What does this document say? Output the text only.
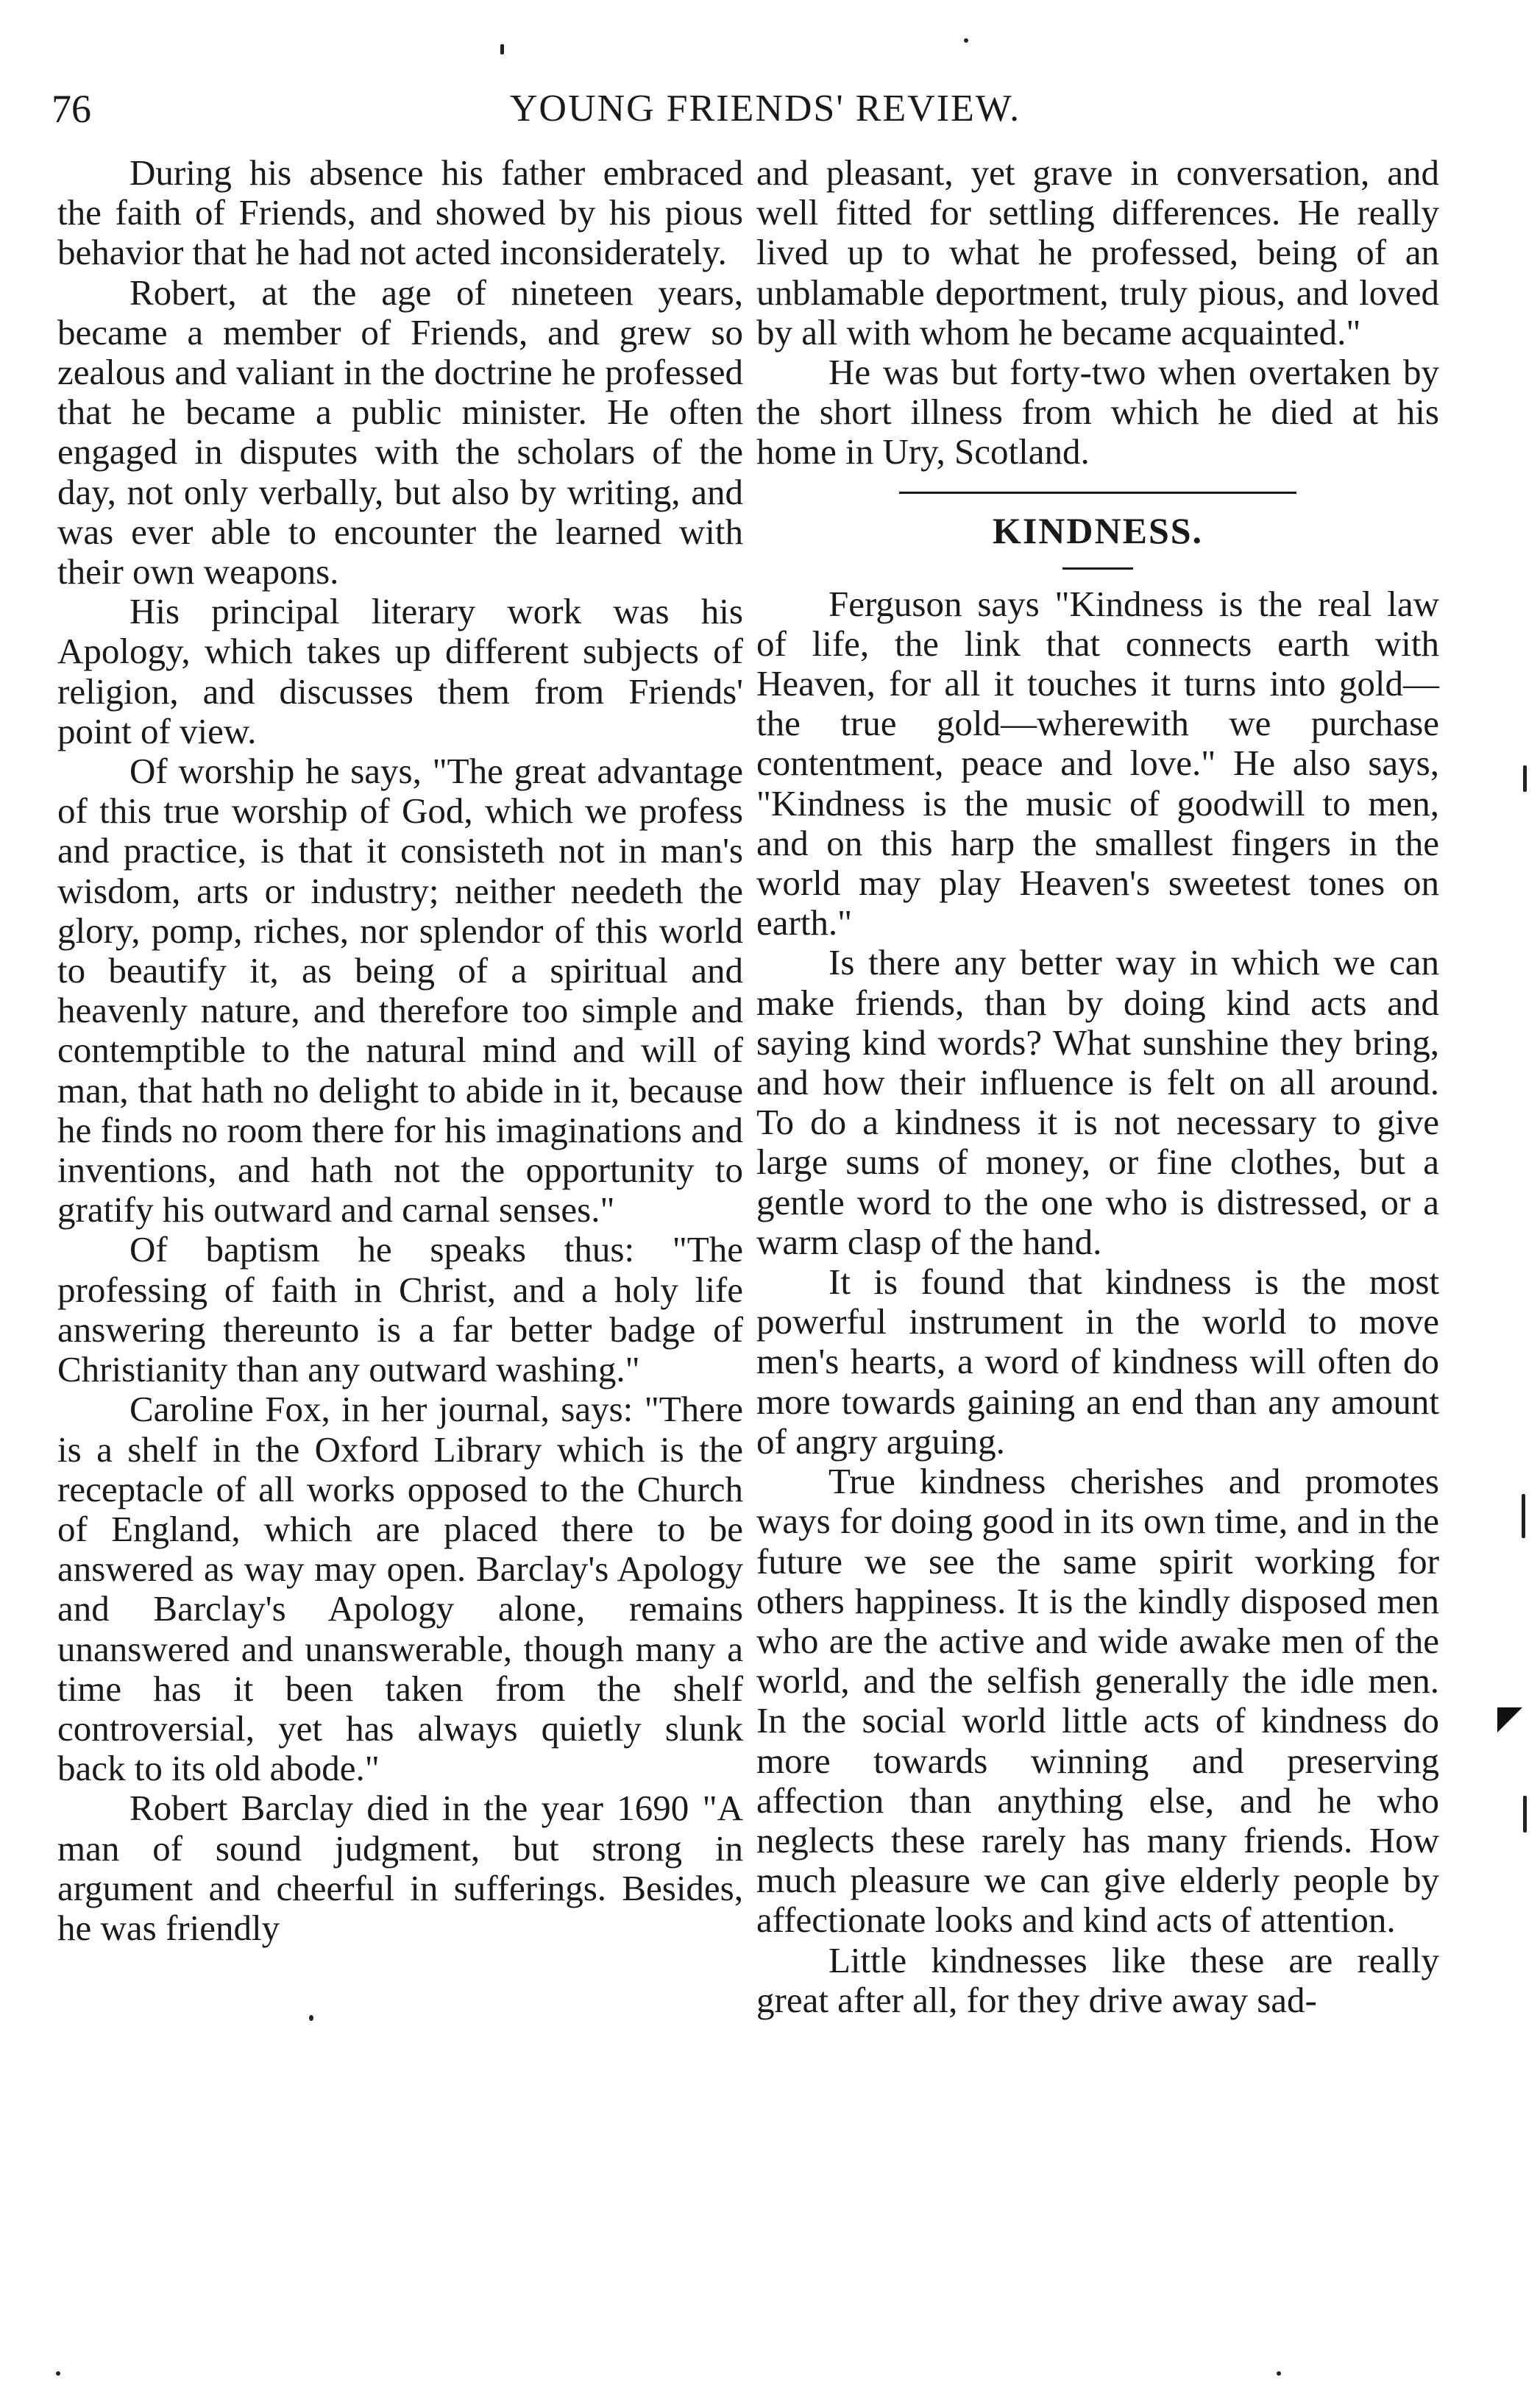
76	YOUNG FRIENDS' REVIEW.

During his absence his father embraced the faith of Friends, and showed by his pious behavior that he had not acted inconsiderately.

Robert, at the age of nineteen years, became a member of Friends, and grew so zealous and valiant in the doctrine he professed that he became a public minister. He often engaged in disputes with the scholars of the day, not only verbally, but also by writing, and was ever able to encounter the learned with their own weapons.

His principal literary work was his Apology, which takes up different subjects of religion, and discusses them from Friends' point of view.

Of worship he says, "The great advantage of this true worship of God, which we profess and practice, is that it consisteth not in man's wisdom, arts or industry; neither needeth the glory, pomp, riches, nor splendor of this world to beautify it, as being of a spiritual and heavenly nature, and therefore too simple and contemptible to the natural mind and will of man, that hath no delight to abide in it, because he finds no room there for his imaginations and inventions, and hath not the opportunity to gratify his outward and carnal senses."

Of baptism he speaks thus: "The professing of faith in Christ, and a holy life answering thereunto is a far better badge of Christianity than any outward washing."

Caroline Fox, in her journal, says: "There is a shelf in the Oxford Library which is the receptacle of all works opposed to the Church of England, which are placed there to be answered as way may open. Barclay's Apology and Barclay's Apology alone, remains unanswered and unanswerable, though many a time has it been taken from the shelf controversial, yet has always quietly slunk back to its old abode."

Robert Barclay died in the year 1690 "A man of sound judgment, but strong in argument and cheerful in sufferings. Besides, he was friendly

and pleasant, yet grave in conversation, and well fitted for settling differences. He really lived up to what he professed, being of an unblamable deportment, truly pious, and loved by all with whom he became acquainted."

He was but forty-two when overtaken by the short illness from which he died at his home in Ury, Scotland.

KINDNESS.

Ferguson says "Kindness is the real law of life, the link that connects earth with Heaven, for all it touches it turns into gold—the true gold—wherewith we purchase contentment, peace and love." He also says, "Kindness is the music of goodwill to men, and on this harp the smallest fingers in the world may play Heaven's sweetest tones on earth."

Is there any better way in which we can make friends, than by doing kind acts and saying kind words? What sunshine they bring, and how their influence is felt on all around. To do a kindness it is not necessary to give large sums of money, or fine clothes, but a gentle word to the one who is distressed, or a warm clasp of the hand.

It is found that kindness is the most powerful instrument in the world to move men's hearts, a word of kindness will often do more towards gaining an end than any amount of angry arguing.

True kindness cherishes and promotes ways for doing good in its own time, and in the future we see the same spirit working for others happiness. It is the kindly disposed men who are the active and wide awake men of the world, and the selfish generally the idle men. In the social world little acts of kindness do more towards winning and preserving affection than anything else, and he who neglects these rarely has many friends. How much pleasure we can give elderly people by affectionate looks and kind acts of attention.

Little kindnesses like these are really great after all, for they drive away sad-
